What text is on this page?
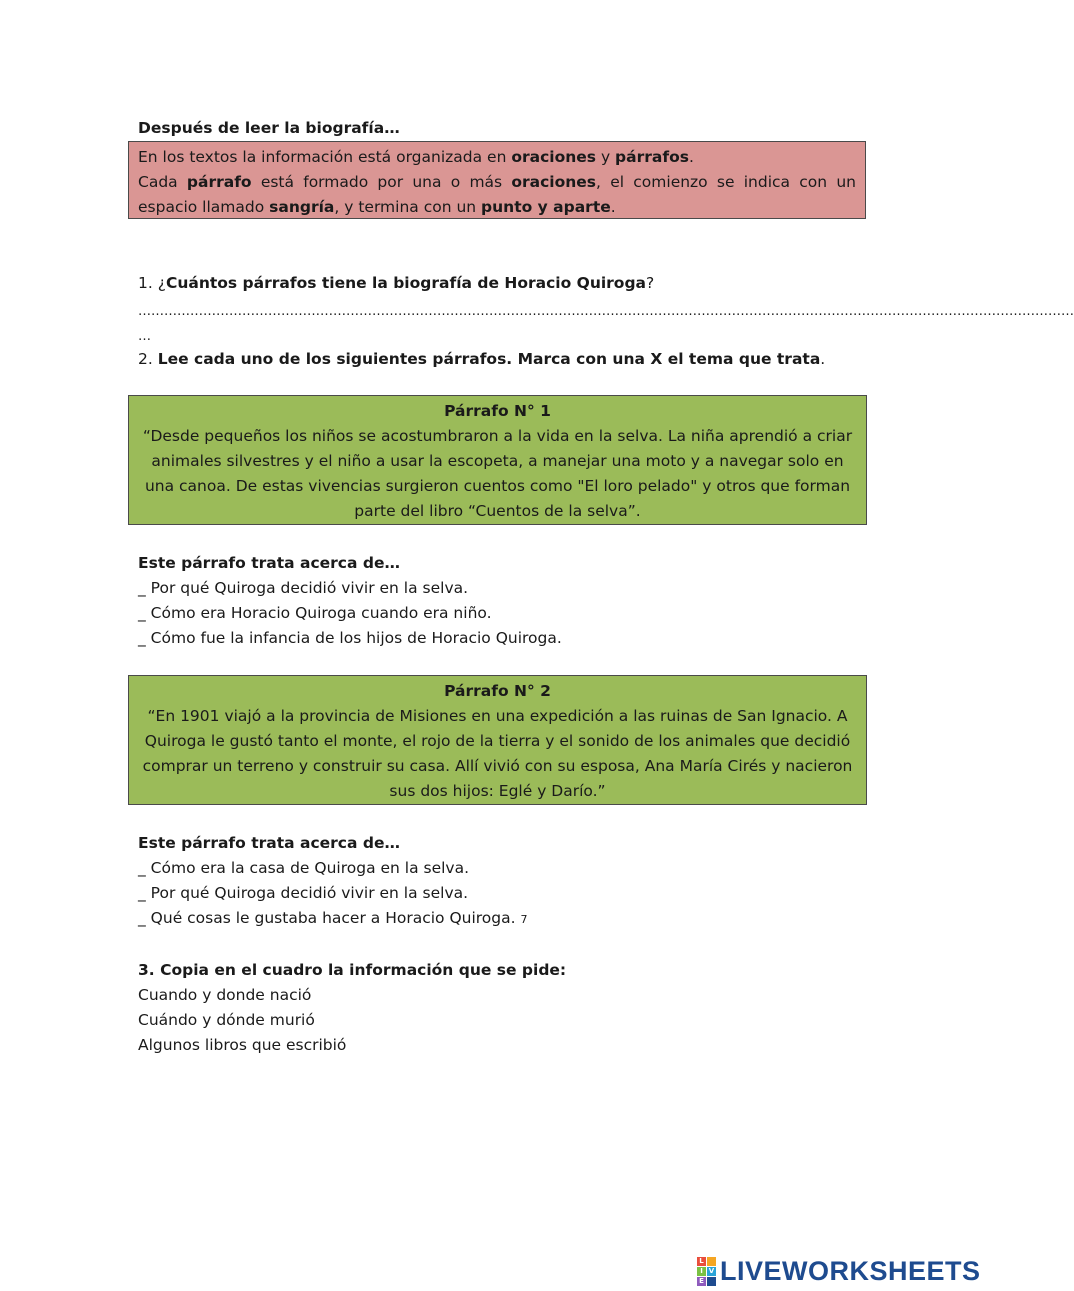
Después de leer la biografía…

En los textos la información está organizada en oraciones y párrafos.

Cada párrafo está formado por una o más oraciones, el comienzo se indica con un espacio llamado sangría, y termina con un punto y aparte.

1. ¿Cuántos párrafos tiene la biografía de Horacio Quiroga?
………………………………………………………………………………………………………………………………………………………………………………………………
…
2. Lee cada uno de los siguientes párrafos. Marca con una X el tema que trata.
Párrafo N° 1
“Desde pequeños los niños se acostumbraron a la vida en la selva. La niña aprendió a criar animales silvestres y el niño a usar la escopeta, a manejar una moto y a navegar solo en una canoa. De estas vivencias surgieron cuentos como "El loro pelado" y otros que forman parte del libro “Cuentos de la selva”.
Este párrafo trata acerca de…
_ Por qué Quiroga decidió vivir en la selva.
_ Cómo era Horacio Quiroga cuando era niño.
_ Cómo fue la infancia de los hijos de Horacio Quiroga.
Párrafo N° 2
“En 1901 viajó a la provincia de Misiones en una expedición a las ruinas de San Ignacio. A Quiroga le gustó tanto el monte, el rojo de la tierra y el sonido de los animales que decidió comprar un terreno y construir su casa. Allí vivió con su esposa, Ana María Cirés y nacieron sus dos hijos: Eglé y Darío.”
Este párrafo trata acerca de…
_ Cómo era la casa de Quiroga en la selva.
_ Por qué Quiroga decidió vivir en la selva.
_ Qué cosas le gustaba hacer a Horacio Quiroga. 7
3. Copia en el cuadro la información que se pide:
Cuando y donde nació
Cuándo y dónde murió
Algunos libros que escribió
L
I V
E LIVEWORKSHEETS
